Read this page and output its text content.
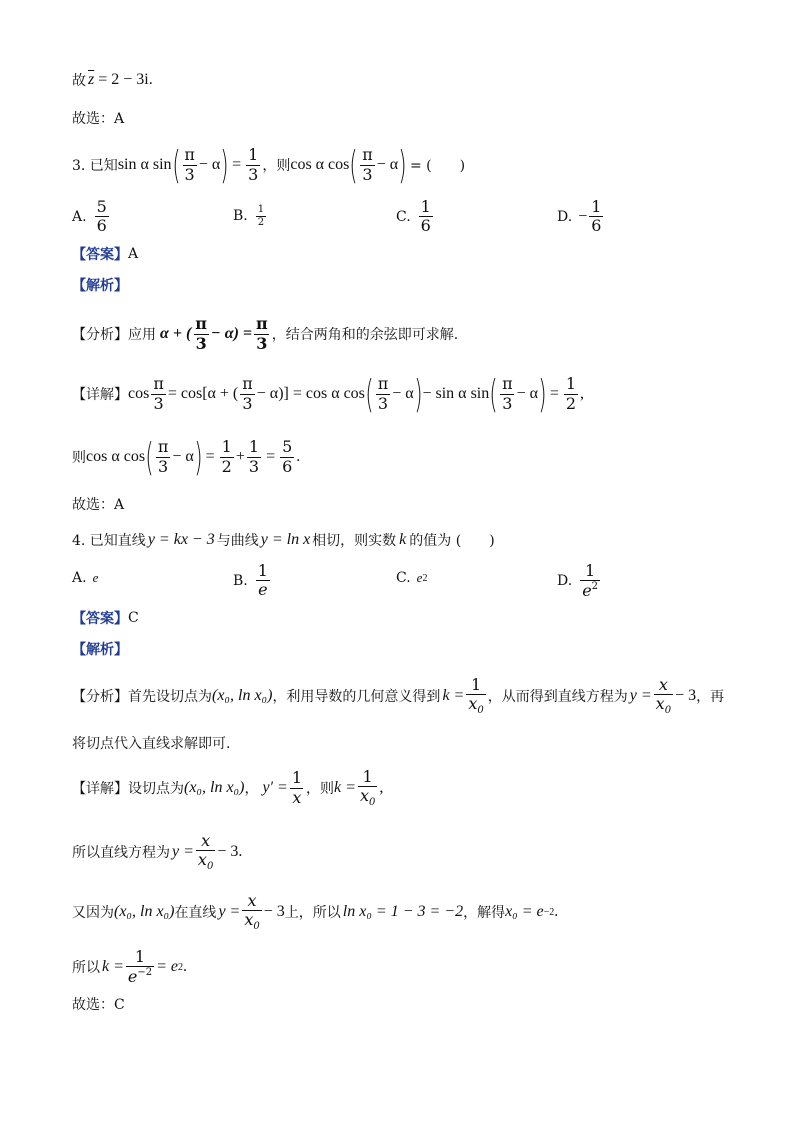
故 $\overline{z} = 2 - 3i$ .
故选：A
3. 已知 sin α sin ( $\frac{\pi}{3} - \alpha$ ) = $\frac{1}{3}$ ，则 cos α cos ( $\frac{\pi}{3} - \alpha$ ) = (　　)
A. $\frac{5}{6}$	B. $\frac{1}{2}$	C. $\frac{1}{6}$	D. − $\frac{1}{6}$
【答案】 A
【解析】
【分析】 应用 α + ( $\frac{\pi}{3} - \alpha) = \frac{\pi}{3}$ ，结合两角和的余弦即可求解.
【详解】 $\cos \frac{\pi}{3} = \cos[\alpha$ + ( $\frac{\pi}{3} - \alpha)] = \cos \alpha$ cos ( $\frac{\pi}{3} - \alpha$ ) − sin α sin ( $\frac{\pi}{3} - \alpha$ ) = $\frac{1}{2}$ ,
则 cos α cos ( $\frac{\pi}{3} - \alpha$ ) = $\frac{1}{2} + \frac{1}{3} = \frac{5}{6}$ .
故选：A
4. 已知直线 y = kx − 3 与曲线 y = ln x 相切，则实数 k 的值为 (　　)
A. e	B. $\frac{1}{e}$	C. e 2	D. $\frac{1}{e^2}$
【答案】 C
【解析】
【分析】 首先设切点为 (x₀, ln x₀) ，利用导数的几何意义得到 $k = \frac{1}{x_0}$ ，从而得到直线方程为 $y = \frac{x}{x_0} - 3$ ，再
将切点代入直线求解即可.
【详解】 设切点为 (x₀, ln x₀) ， $y' = \frac{1}{x}$ ，则 $k = \frac{1}{x_0}$ ,
所以直线方程为 $y = \frac{x}{x_0} - 3$ .
又因为 (x₀, ln x₀) 在直线 $y = \frac{x}{x_0} - 3$ 上，所以 ln x₀ = 1 − 3 = −2 ，解得 x₀ = e −2 .
所以 $k = \frac{1}{e^{-2}} = e$ 2 .
故选：C
